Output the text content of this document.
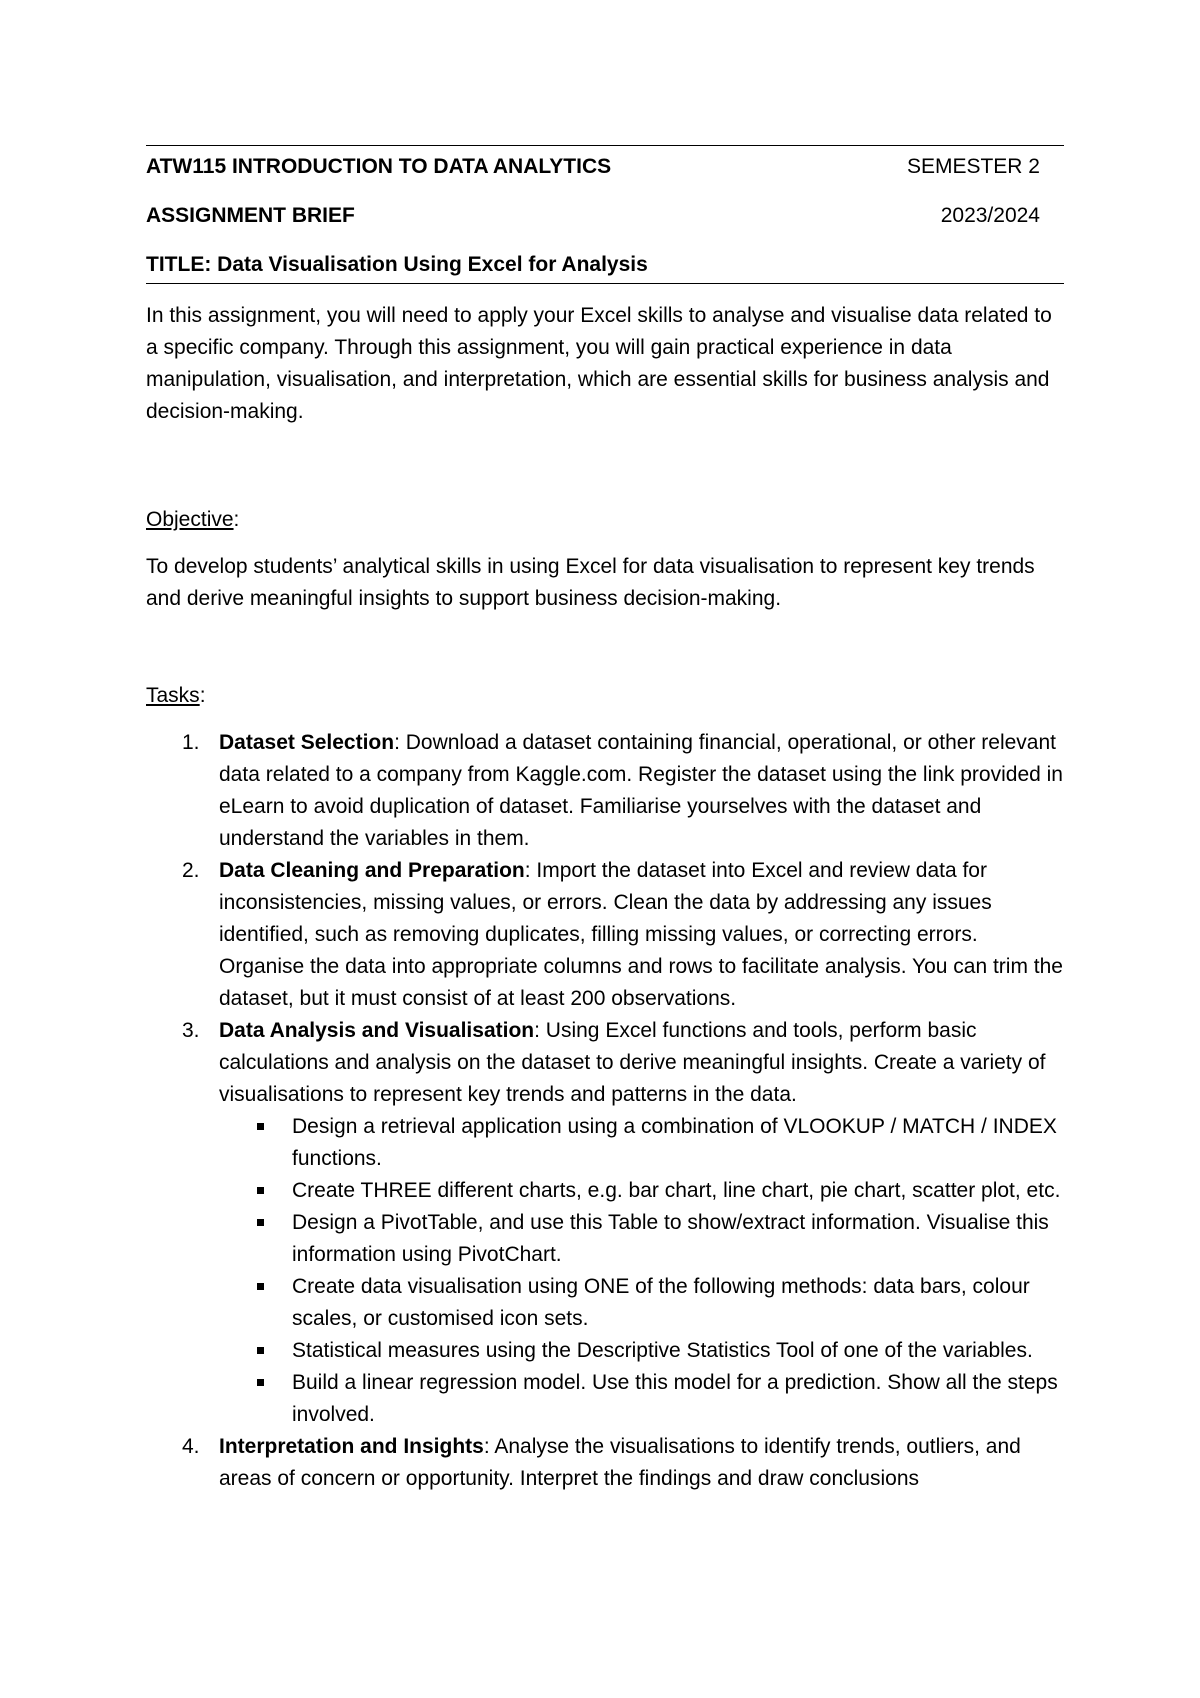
ATW115 INTRODUCTION TO DATA ANALYTICS	SEMESTER 2
ASSIGNMENT BRIEF	2023/2024
TITLE: Data Visualisation Using Excel for Analysis

In this assignment, you will need to apply your Excel skills to analyse and visualise data related to a specific company. Through this assignment, you will gain practical experience in data manipulation, visualisation, and interpretation, which are essential skills for business analysis and decision-making.

Objective:

To develop students’ analytical skills in using Excel for data visualisation to represent key trends and derive meaningful insights to support business decision-making.

Tasks:

1. Dataset Selection: Download a dataset containing financial, operational, or other relevant data related to a company from Kaggle.com. Register the dataset using the link provided in eLearn to avoid duplication of dataset. Familiarise yourselves with the dataset and understand the variables in them.
2. Data Cleaning and Preparation: Import the dataset into Excel and review data for inconsistencies, missing values, or errors. Clean the data by addressing any issues identified, such as removing duplicates, filling missing values, or correcting errors. Organise the data into appropriate columns and rows to facilitate analysis. You can trim the dataset, but it must consist of at least 200 observations.
3. Data Analysis and Visualisation: Using Excel functions and tools, perform basic calculations and analysis on the dataset to derive meaningful insights. Create a variety of visualisations to represent key trends and patterns in the data.
Design a retrieval application using a combination of VLOOKUP / MATCH / INDEX functions.
Create THREE different charts, e.g. bar chart, line chart, pie chart, scatter plot, etc.
Design a PivotTable, and use this Table to show/extract information. Visualise this information using PivotChart.
Create data visualisation using ONE of the following methods: data bars, colour scales, or customised icon sets.
Statistical measures using the Descriptive Statistics Tool of one of the variables.
Build a linear regression model. Use this model for a prediction. Show all the steps involved.
4. Interpretation and Insights: Analyse the visualisations to identify trends, outliers, and areas of concern or opportunity. Interpret the findings and draw conclusions
